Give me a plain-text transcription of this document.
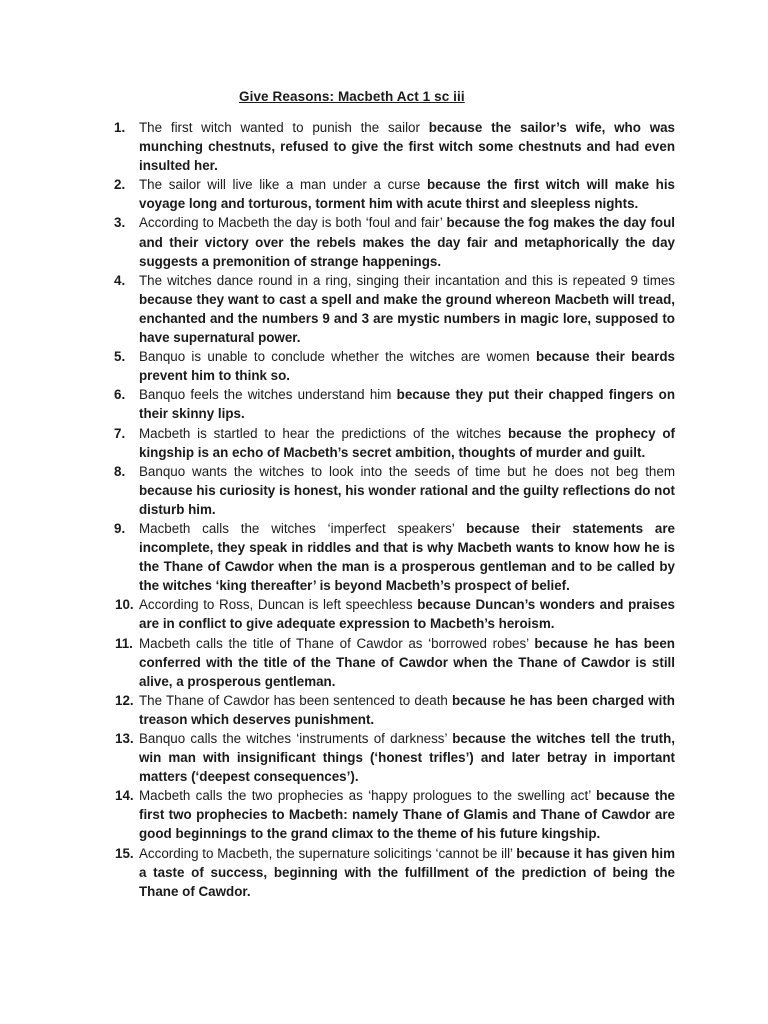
Give Reasons: Macbeth Act 1 sc iii
1.	The first witch wanted to punish the sailor because the sailor’s wife, who was munching chestnuts, refused to give the first witch some chestnuts and had even insulted her.
2.	The sailor will live like a man under a curse because the first witch will make his voyage long and torturous, torment him with acute thirst and sleepless nights.
3.	According to Macbeth the day is both ‘foul and fair’ because the fog makes the day foul and their victory over the rebels makes the day fair and metaphorically the day suggests a premonition of strange happenings.
4.	The witches dance round in a ring, singing their incantation and this is repeated 9 times because they want to cast a spell and make the ground whereon Macbeth will tread, enchanted and the numbers 9 and 3 are mystic numbers in magic lore, supposed to have supernatural power.
5.	Banquo is unable to conclude whether the witches are women because their beards prevent him to think so.
6.	Banquo feels the witches understand him because they put their chapped fingers on their skinny lips.
7.	Macbeth is startled to hear the predictions of the witches because the prophecy of kingship is an echo of Macbeth’s secret ambition, thoughts of murder and guilt.
8.	Banquo wants the witches to look into the seeds of time but he does not beg them because his curiosity is honest, his wonder rational and the guilty reflections do not disturb him.
9.	Macbeth calls the witches ‘imperfect speakers’ because their statements are incomplete, they speak in riddles and that is why Macbeth wants to know how he is the Thane of Cawdor when the man is a prosperous gentleman and to be called by the witches ‘king thereafter’ is beyond Macbeth’s prospect of belief.
10. According to Ross, Duncan is left speechless because Duncan’s wonders and praises are in conflict to give adequate expression to Macbeth’s heroism.
11. Macbeth calls the title of Thane of Cawdor as ‘borrowed robes’ because he has been conferred with the title of the Thane of Cawdor when the Thane of Cawdor is still alive, a prosperous gentleman.
12. The Thane of Cawdor has been sentenced to death because he has been charged with treason which deserves punishment.
13. Banquo calls the witches ‘instruments of darkness’ because the witches tell the truth, win man with insignificant things (‘honest trifles’) and later betray in important matters (‘deepest consequences’).
14. Macbeth calls the two prophecies as ‘happy prologues to the swelling act’ because the first two prophecies to Macbeth: namely Thane of Glamis and Thane of Cawdor are good beginnings to the grand climax to the theme of his future kingship.
15. According to Macbeth, the supernature solicitings ‘cannot be ill’ because it has given him a taste of success, beginning with the fulfillment of the prediction of being the Thane of Cawdor.
